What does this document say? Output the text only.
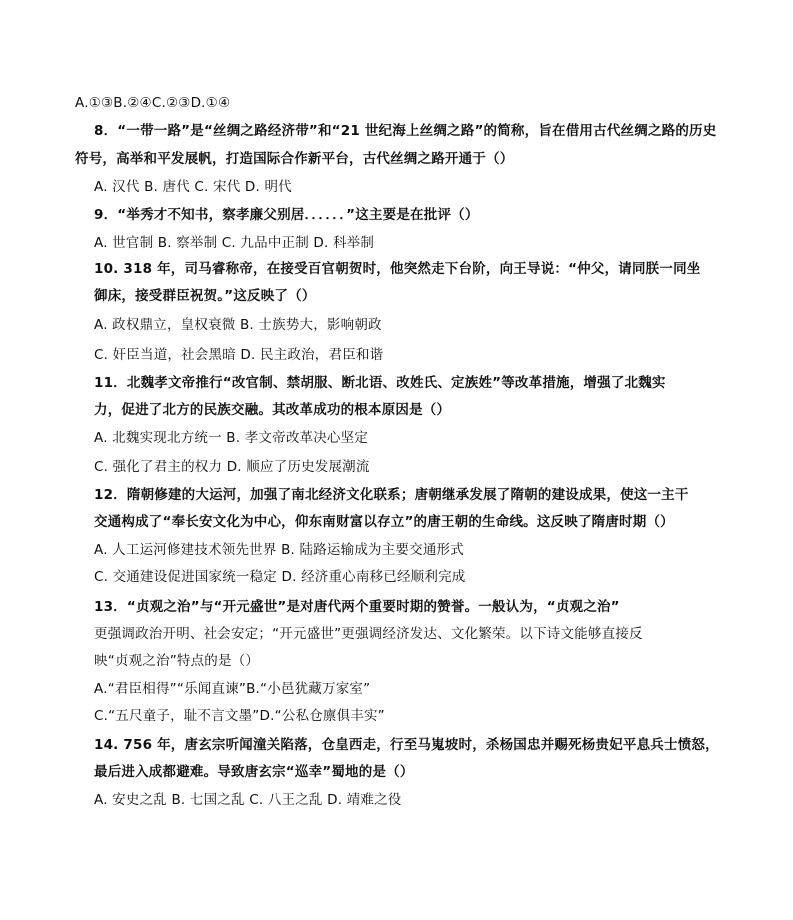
A.①③B.②④C.②③D.①④
8．“一带一路”是“丝绸之路经济带”和“21 世纪海上丝绸之路”的简称，旨在借用古代丝绸之路的历史
符号，高举和平发展帆，打造国际合作新平台，古代丝绸之路开通于（）
A. 汉代 B. 唐代 C. 宋代 D. 明代
9．“举秀才不知书，察孝廉父别居．．．．．．”这主要是在批评（）
A. 世官制 B. 察举制 C. 九品中正制 D. 科举制
10. 318 年，司马睿称帝，在接受百官朝贺时，他突然走下台阶，向王导说：“仲父，请同朕一同坐
御床，接受群臣祝贺。”这反映了（）
A. 政权鼎立，皇权衰微 B. 士族势大，影响朝政
C. 奸臣当道，社会黑暗 D. 民主政治，君臣和谐
11．北魏孝文帝推行“改官制、禁胡服、断北语、改姓氏、定族姓”等改革措施，增强了北魏实
力，促进了北方的民族交融。其改革成功的根本原因是（）
A. 北魏实现北方统一 B. 孝文帝改革决心坚定
C. 强化了君主的权力 D. 顺应了历史发展潮流
12．隋朝修建的大运河，加强了南北经济文化联系；唐朝继承发展了隋朝的建设成果，使这一主干
交通构成了“奉长安文化为中心，仰东南财富以存立”的唐王朝的生命线。这反映了隋唐时期（）
A. 人工运河修建技术领先世界 B. 陆路运输成为主要交通形式
C. 交通建设促进国家统一稳定 D. 经济重心南移已经顺利完成
13．“贞观之治”与“开元盛世”是对唐代两个重要时期的赞誉。一般认为，“贞观之治”
更强调政治开明、社会安定；“开元盛世”更强调经济发达、文化繁荣。以下诗文能够直接反
映“贞观之治”特点的是（）
A.“君臣相得”“乐闻直谏”B.“小邑犹藏万家室”
C.“五尺童子，耻不言文墨”D.“公私仓廪俱丰实”
14. 756 年，唐玄宗听闻潼关陷落，仓皇西走，行至马嵬坡时，杀杨国忠并赐死杨贵妃平息兵士愤怒，
最后进入成都避难。导致唐玄宗“巡幸”蜀地的是（）
A. 安史之乱 B. 七国之乱 C. 八王之乱 D. 靖难之役
